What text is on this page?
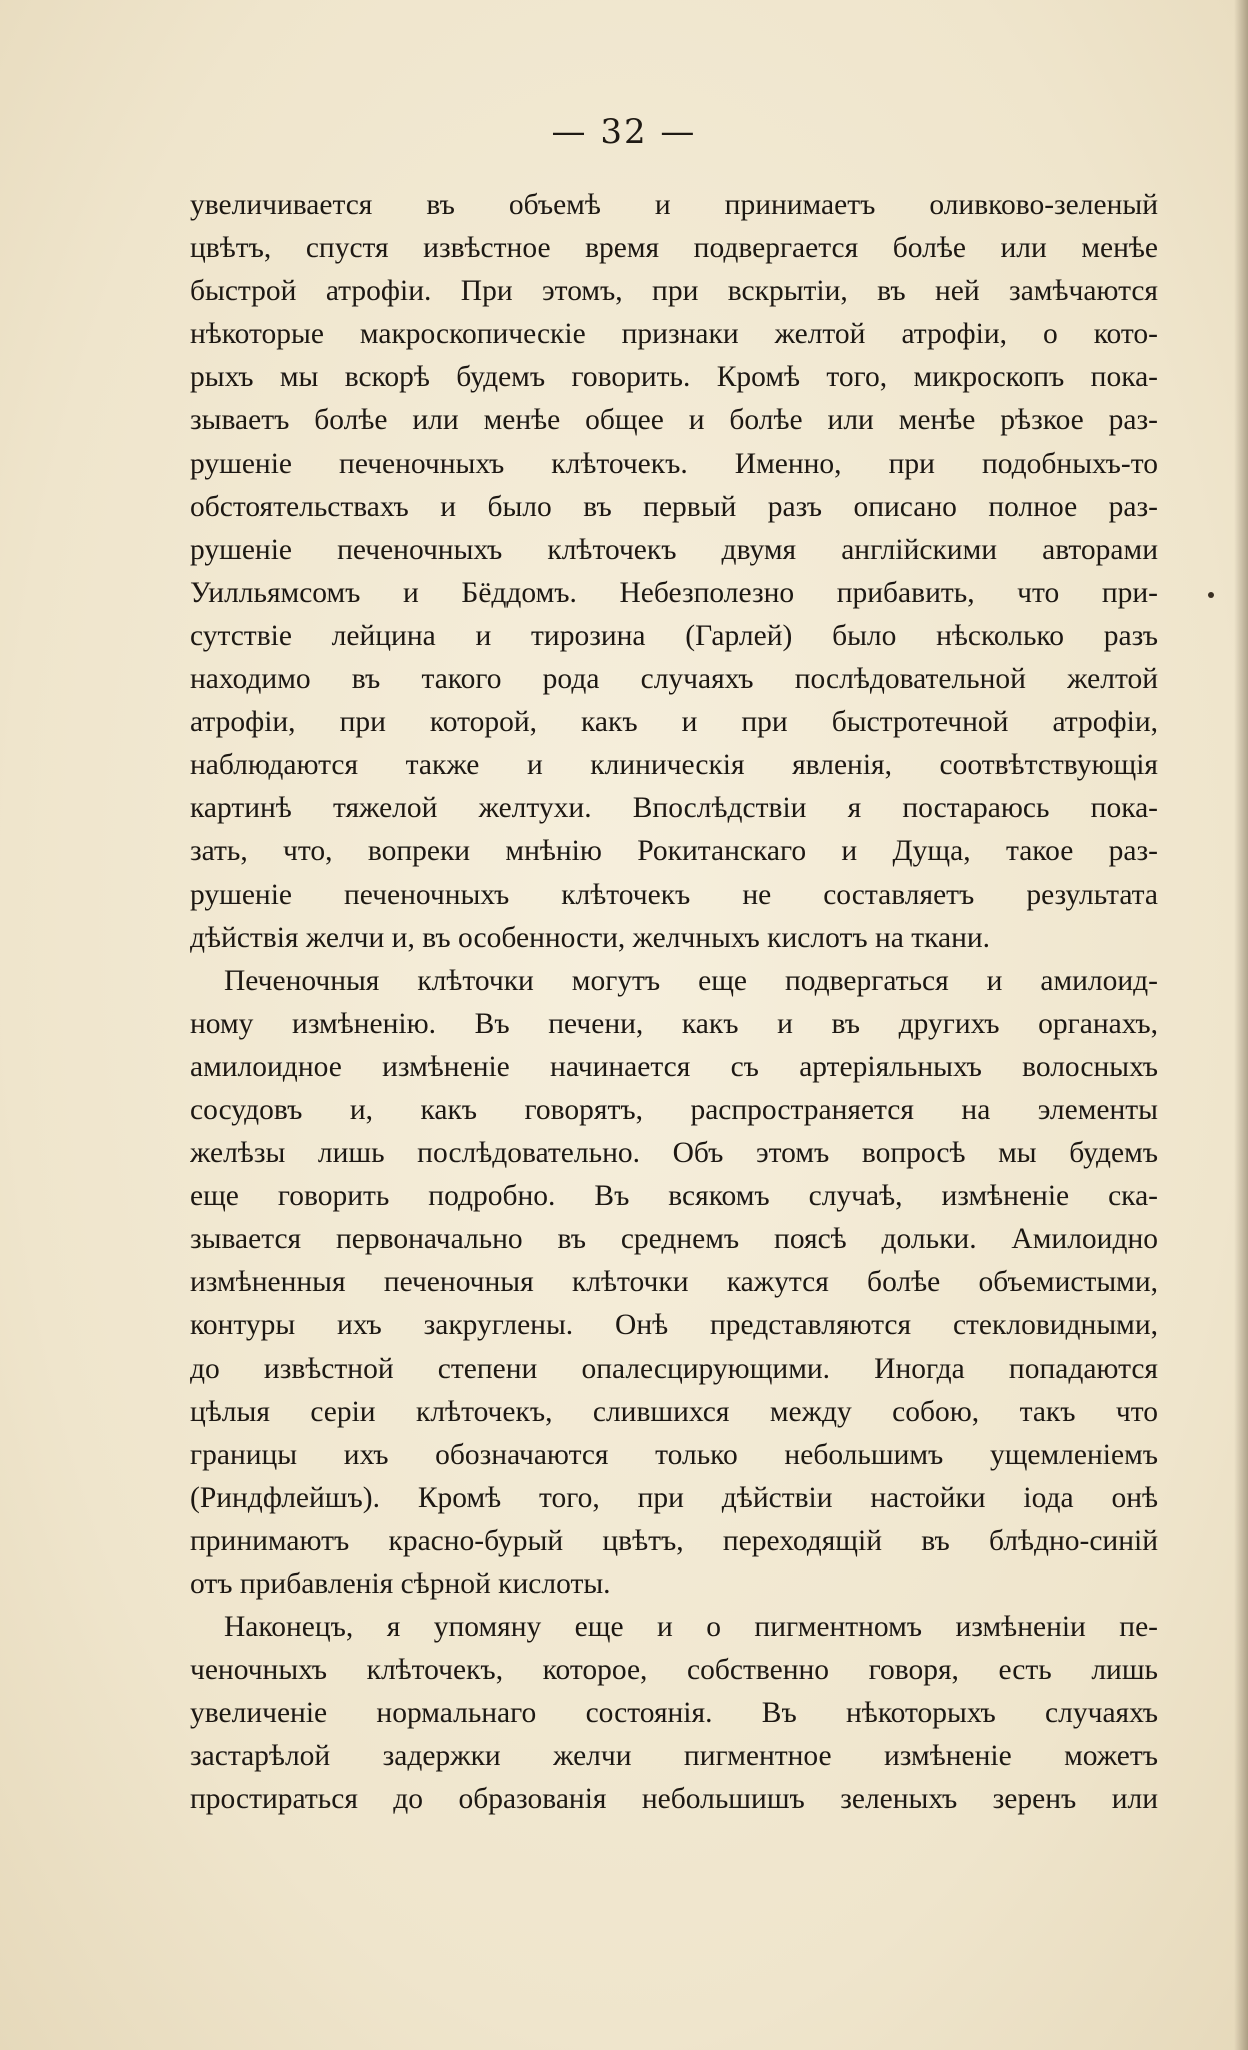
— 32 —
увеличивается въ объемѣ и принимаетъ оливково-зеленый
цвѣтъ, спустя извѣстное время подвергается болѣе или менѣе
быстрой атрофіи. При этомъ, при вскрытіи, въ ней замѣчаются
нѣкоторые макроскопическіе признаки желтой атрофіи, о кото-
рыхъ мы вскорѣ будемъ говорить. Кромѣ того, микроскопъ пока-
зываетъ болѣе или менѣе общее и болѣе или менѣе рѣзкое раз-
рушеніе печеночныхъ клѣточекъ. Именно, при подобныхъ-то
обстоятельствахъ и было въ первый разъ описано полное раз-
рушеніе печеночныхъ клѣточекъ двумя англійскими авторами
Уилльямсомъ и Бёддомъ. Небезполезно прибавить, что при-
сутствіе лейцина и тирозина (Гарлей) было нѣсколько разъ
находимо въ такого рода случаяхъ послѣдовательной желтой
атрофіи, при которой, какъ и при быстротечной атрофіи,
наблюдаются также и клиническія явленія, соотвѣтствующія
картинѣ тяжелой желтухи. Впослѣдствіи я постараюсь пока-
зать, что, вопреки мнѣнію Рокитанскаго и Дуща, такое раз-
рушеніе печеночныхъ клѣточекъ не составляетъ результата
дѣйствія желчи и, въ особенности, желчныхъ кислотъ на ткани.
Печеночныя клѣточки могутъ еще подвергаться и амилоид-
ному измѣненію. Въ печени, какъ и въ другихъ органахъ,
амилоидное измѣненіе начинается съ артеріяльныхъ волосныхъ
сосудовъ и, какъ говорятъ, распространяется на элементы
желѣзы лишь послѣдовательно. Объ этомъ вопросѣ мы будемъ
еще говорить подробно. Въ всякомъ случаѣ, измѣненіе ска-
зывается первоначально въ среднемъ поясѣ дольки. Амилоидно
измѣненныя печеночныя клѣточки кажутся болѣе объемистыми,
контуры ихъ закруглены. Онѣ представляются стекловидными,
до извѣстной степени опалесцирующими. Иногда попадаются
цѣлыя серіи клѣточекъ, слившихся между собою, такъ что
границы ихъ обозначаются только небольшимъ ущемленіемъ
(Риндфлейшъ). Кромѣ того, при дѣйствіи настойки іода онѣ
принимаютъ красно-бурый цвѣтъ, переходящій въ блѣдно-синій
отъ прибавленія сѣрной кислоты.
Наконецъ, я упомяну еще и о пигментномъ измѣненіи пе-
ченочныхъ клѣточекъ, которое, собственно говоря, есть лишь
увеличеніе нормальнаго состоянія. Въ нѣкоторыхъ случаяхъ
застарѣлой задержки желчи пигментное измѣненіе можетъ
простираться до образованія небольшишъ зеленыхъ зеренъ или
